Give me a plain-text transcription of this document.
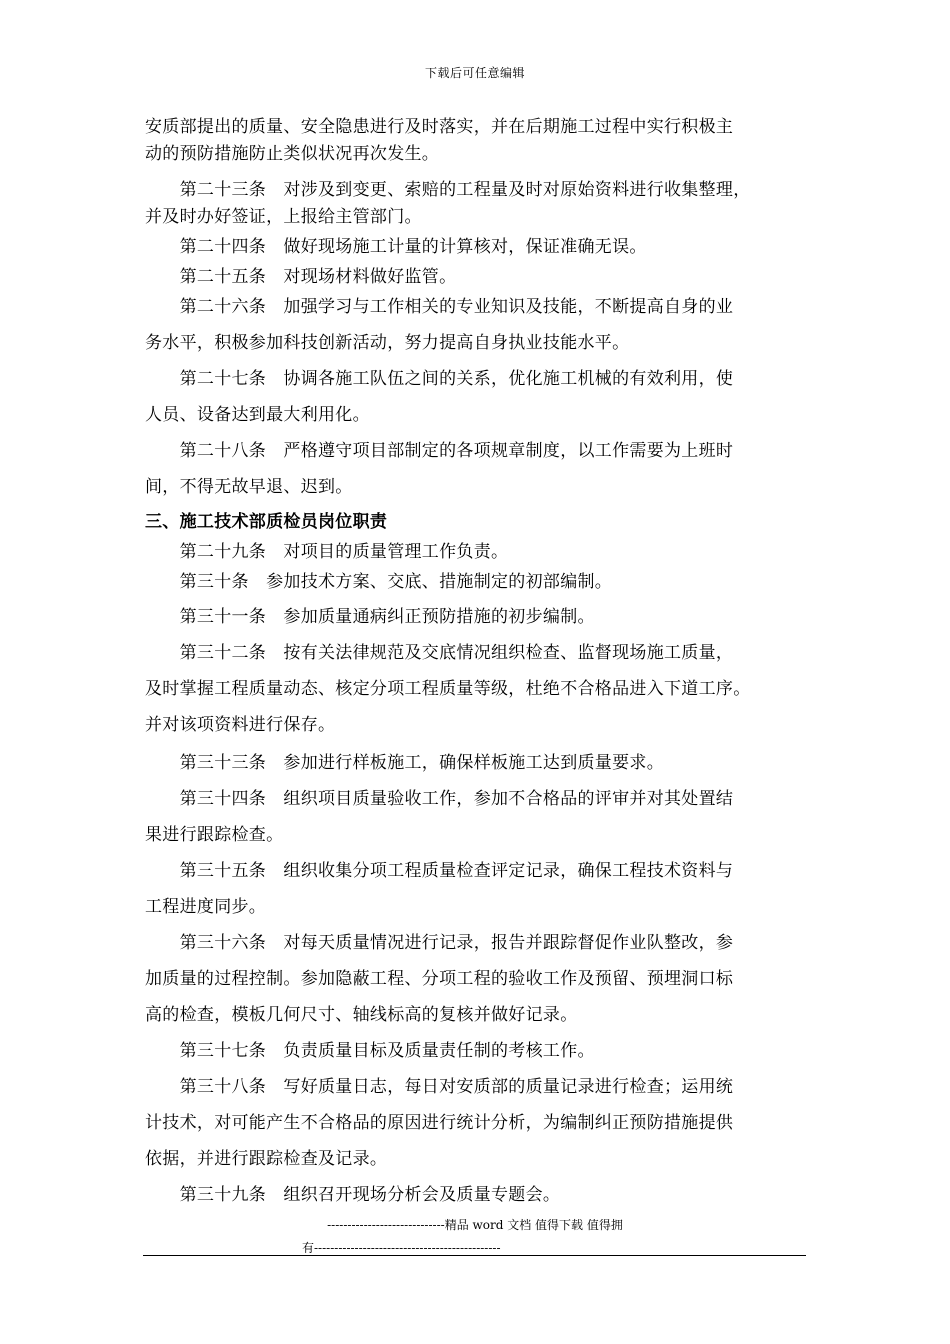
下载后可任意编辑
安质部提出的质量、安全隐患进行及时落实，并在后期施工过程中实行积极主
动的预防措施防止类似状况再次发生。
　　第二十三条　对涉及到变更、索赔的工程量及时对原始资料进行收集整理，
并及时办好签证，上报给主管部门。
　　第二十四条　做好现场施工计量的计算核对，保证准确无误。
　　第二十五条　对现场材料做好监管。
　　第二十六条　加强学习与工作相关的专业知识及技能，不断提高自身的业
务水平，积极参加科技创新活动，努力提高自身执业技能水平。
　　第二十七条　协调各施工队伍之间的关系，优化施工机械的有效利用，使
人员、设备达到最大利用化。
　　第二十八条　严格遵守项目部制定的各项规章制度，以工作需要为上班时
间，不得无故早退、迟到。
三、施工技术部质检员岗位职责
　　第二十九条　对项目的质量管理工作负责。
　　第三十条　参加技术方案、交底、措施制定的初部编制。
　　第三十一条　参加质量通病纠正预防措施的初步编制。
　　第三十二条　按有关法律规范及交底情况组织检查、监督现场施工质量，
及时掌握工程质量动态、核定分项工程质量等级，杜绝不合格品进入下道工序。
并对该项资料进行保存。
　　第三十三条　参加进行样板施工，确保样板施工达到质量要求。
　　第三十四条　组织项目质量验收工作，参加不合格品的评审并对其处置结
果进行跟踪检查。
　　第三十五条　组织收集分项工程质量检查评定记录，确保工程技术资料与
工程进度同步。
　　第三十六条　对每天质量情况进行记录，报告并跟踪督促作业队整改，参
加质量的过程控制。参加隐蔽工程、分项工程的验收工作及预留、预埋洞口标
高的检查，模板几何尺寸、轴线标高的复核并做好记录。
　　第三十七条　负责质量目标及质量责任制的考核工作。
　　第三十八条　写好质量日志，每日对安质部的质量记录进行检查；运用统
计技术，对可能产生不合格品的原因进行统计分析，为编制纠正预防措施提供
依据，并进行跟踪检查及记录。
　　第三十九条　组织召开现场分析会及质量专题会。
-----------------------------精品 word 文档 值得下载 值得拥
有----------------------------------------------
